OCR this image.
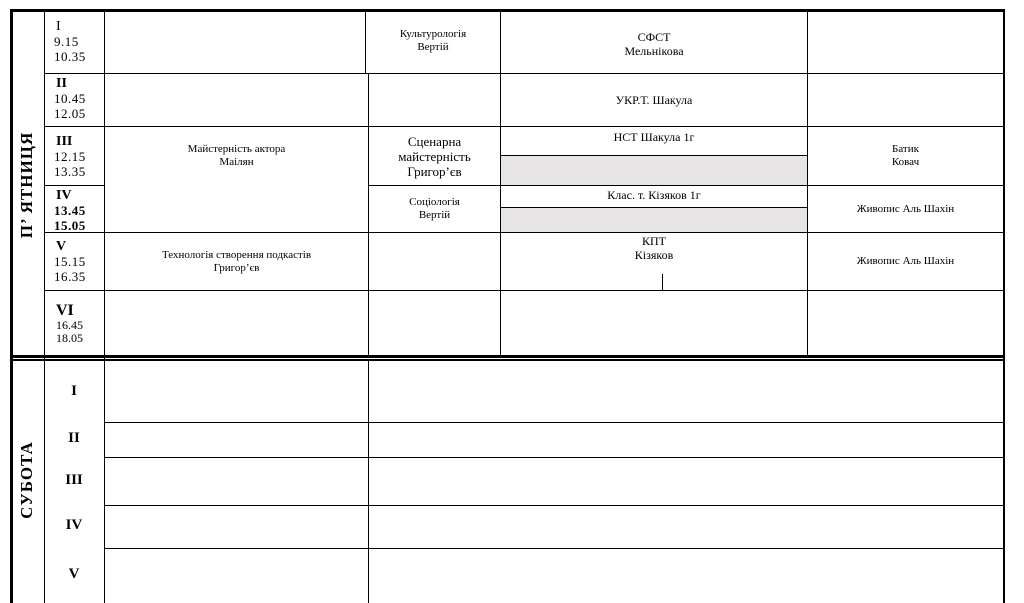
П’ ЯТНИЦЯ
СУБОТА
I
9.15
10.35
II
10.45
12.05
III
12.15
13.35
IV
13.45
15.05
V
15.15
16.35
VI
16.45
18.05
Культурологія
Вертій
СФСТ
Мельнікова
УКР.Т. Шакула
Майстерність актора
Маілян
Сценарна
майстерність
Григор’єв
НСТ Шакула 1г
Батик
Ковач
Соціологія
Вертій
Клас. т. Кізяков 1г
Живопис Аль Шахін
Технологія створення подкастів
Григор’єв
КПТ
Кізяков	Живопис Аль Шахін
I
II
III
IV
V
